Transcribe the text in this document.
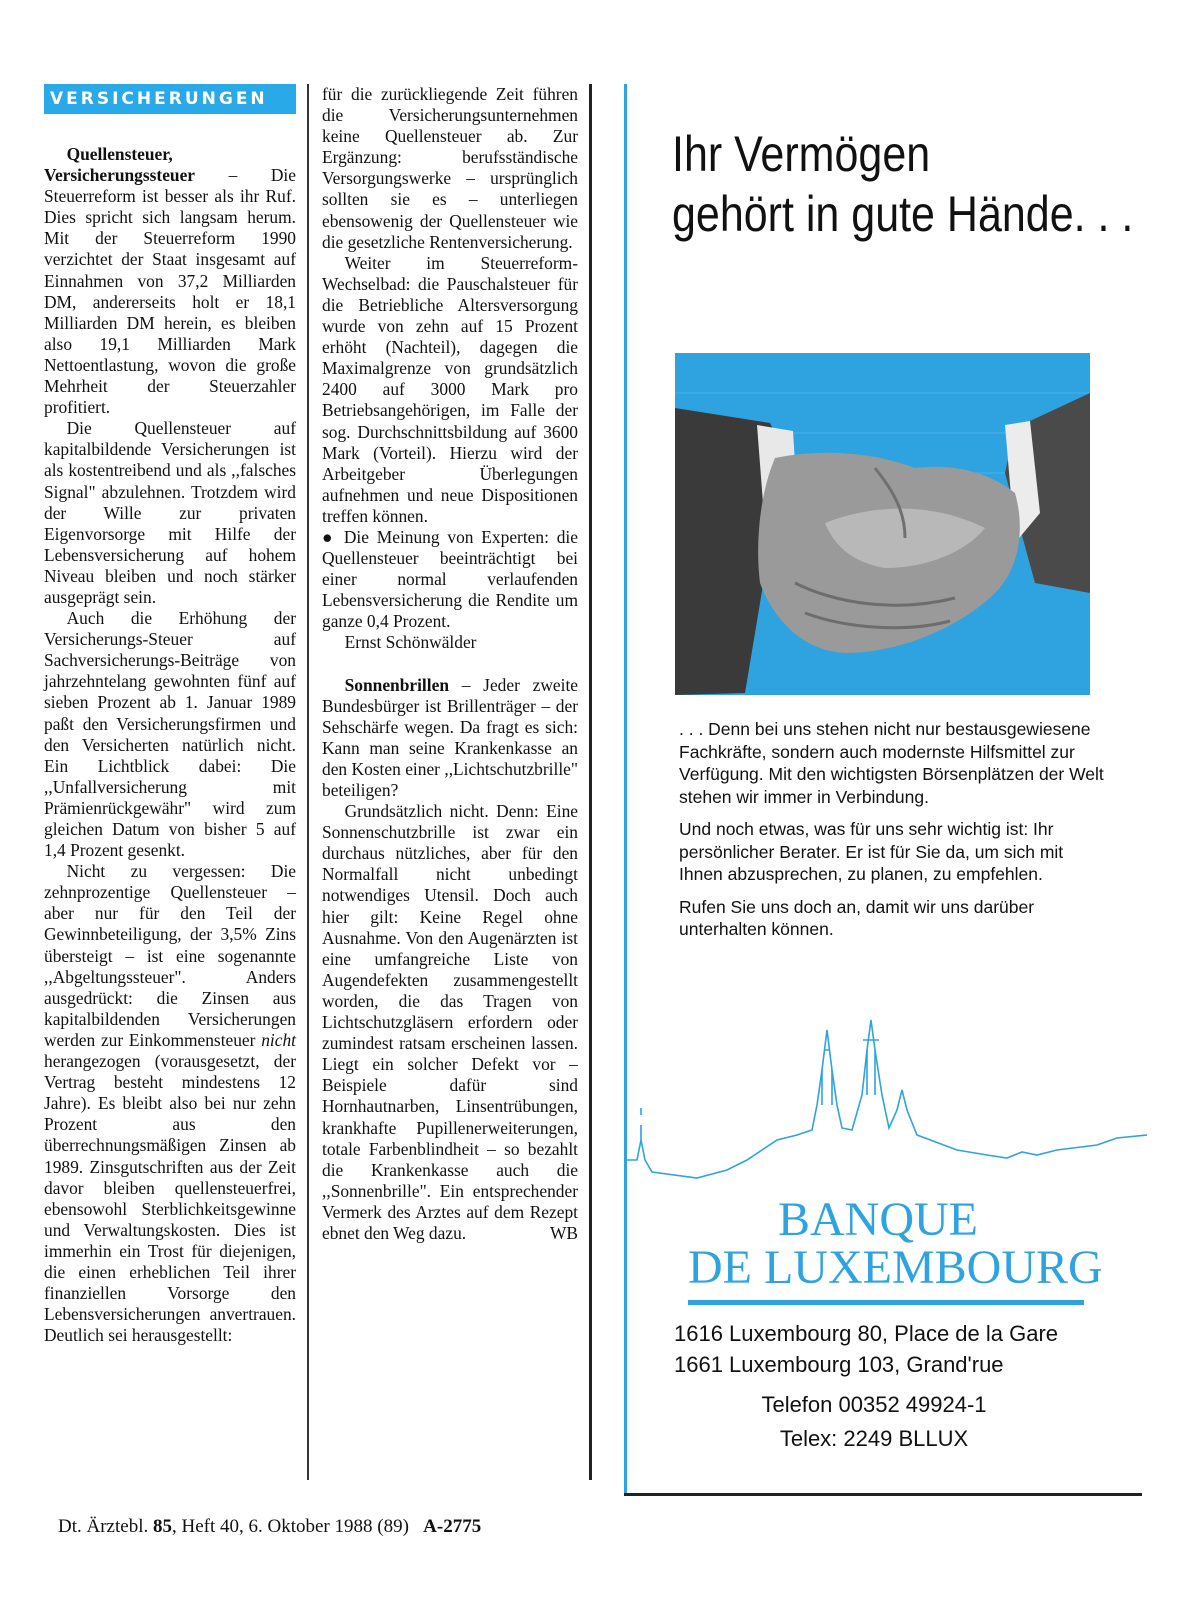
VERSICHERUNGEN

Quellensteuer, Versicherungssteuer – Die Steuerreform ist besser als ihr Ruf. Dies spricht sich langsam herum. Mit der Steuerreform 1990 verzichtet der Staat insgesamt auf Einnahmen von 37,2 Milliarden DM, andererseits holt er 18,1 Milliarden DM herein, es bleiben also 19,1 Milliarden Mark Nettoentlastung, wovon die große Mehrheit der Steuerzahler profitiert.

Die Quellensteuer auf kapitalbildende Versicherungen ist als kostentreibend und als ,,falsches Signal" abzulehnen. Trotzdem wird der Wille zur privaten Eigenvorsorge mit Hilfe der Lebensversicherung auf hohem Niveau bleiben und noch stärker ausgeprägt sein.

Auch die Erhöhung der Versicherungs-Steuer auf Sachversicherungs-Beiträge von jahrzehntelang gewohnten fünf auf sieben Prozent ab 1. Januar 1989 paßt den Versicherungsfirmen und den Versicherten natürlich nicht. Ein Lichtblick dabei: Die ,,Unfallversicherung mit Prämienrückgewähr" wird zum gleichen Datum von bisher 5 auf 1,4 Prozent gesenkt.

Nicht zu vergessen: Die zehnprozentige Quellensteuer – aber nur für den Teil der Gewinnbeteiligung, der 3,5% Zins übersteigt – ist eine sogenannte ,,Abgeltungssteuer". Anders ausgedrückt: die Zinsen aus kapitalbildenden Versicherungen werden zur Einkommensteuer nicht herangezogen (vorausgesetzt, der Vertrag besteht mindestens 12 Jahre). Es bleibt also bei nur zehn Prozent aus den überrechnungsmäßigen Zinsen ab 1989. Zinsgutschriften aus der Zeit davor bleiben quellensteuerfrei, ebensowohl Sterblichkeitsgewinne und Verwaltungskosten. Dies ist immerhin ein Trost für diejenigen, die einen erheblichen Teil ihrer finanziellen Vorsorge den Lebensversicherungen anvertrauen. Deutlich sei herausgestellt:

für die zurückliegende Zeit führen die Versicherungsunternehmen keine Quellensteuer ab. Zur Ergänzung: berufsständische Versorgungswerke – ursprünglich sollten sie es – unterliegen ebensowenig der Quellensteuer wie die gesetzliche Rentenversicherung.

Weiter im Steuerreform-Wechselbad: die Pauschalsteuer für die Betriebliche Altersversorgung wurde von zehn auf 15 Prozent erhöht (Nachteil), dagegen die Maximalgrenze von grundsätzlich 2400 auf 3000 Mark pro Betriebsangehörigen, im Falle der sog. Durchschnittsbildung auf 3600 Mark (Vorteil). Hierzu wird der Arbeitgeber Überlegungen aufnehmen und neue Dispositionen treffen können.

● Die Meinung von Experten: die Quellensteuer beeinträchtigt bei einer normal verlaufenden Lebensversicherung die Rendite um ganze 0,4 Prozent.

Ernst Schönwälder

Sonnenbrillen – Jeder zweite Bundesbürger ist Brillenträger – der Sehschärfe wegen. Da fragt es sich: Kann man seine Krankenkasse an den Kosten einer ,,Lichtschutzbrille" beteiligen?

Grundsätzlich nicht. Denn: Eine Sonnenschutzbrille ist zwar ein durchaus nützliches, aber für den Normalfall nicht unbedingt notwendiges Utensil. Doch auch hier gilt: Keine Regel ohne Ausnahme. Von den Augenärzten ist eine umfangreiche Liste von Augendefekten zusammengestellt worden, die das Tragen von Lichtschutzgläsern erfordern oder zumindest ratsam erscheinen lassen. Liegt ein solcher Defekt vor – Beispiele dafür sind Hornhautnarben, Linsentrübungen, krankhafte Pupillenerweiterungen, totale Farbenblindheit – so bezahlt die Krankenkasse auch die ,,Sonnenbrille". Ein entsprechender Vermerk des Arztes auf dem Rezept ebnet den Weg dazu.	WB

Ihr Vermögen
gehört in gute Hände. . .

. . . Denn bei uns stehen nicht nur bestausgewiesene Fachkräfte, sondern auch modernste Hilfsmittel zur Verfügung. Mit den wichtigsten Börsenplätzen der Welt stehen wir immer in Verbindung.

Und noch etwas, was für uns sehr wichtig ist: Ihr persönlicher Berater. Er ist für Sie da, um sich mit Ihnen abzusprechen, zu planen, zu empfehlen.

Rufen Sie uns doch an, damit wir uns darüber unterhalten können.

BANQUE
DE LUXEMBOURG
1616 Luxembourg 80, Place de la Gare
1661 Luxembourg 103, Grand'rue
Telefon 00352 49924-1
Telex: 2249 BLLUX
Dt. Ärztebl. 85, Heft 40, 6. Oktober 1988 (89) A-2775
